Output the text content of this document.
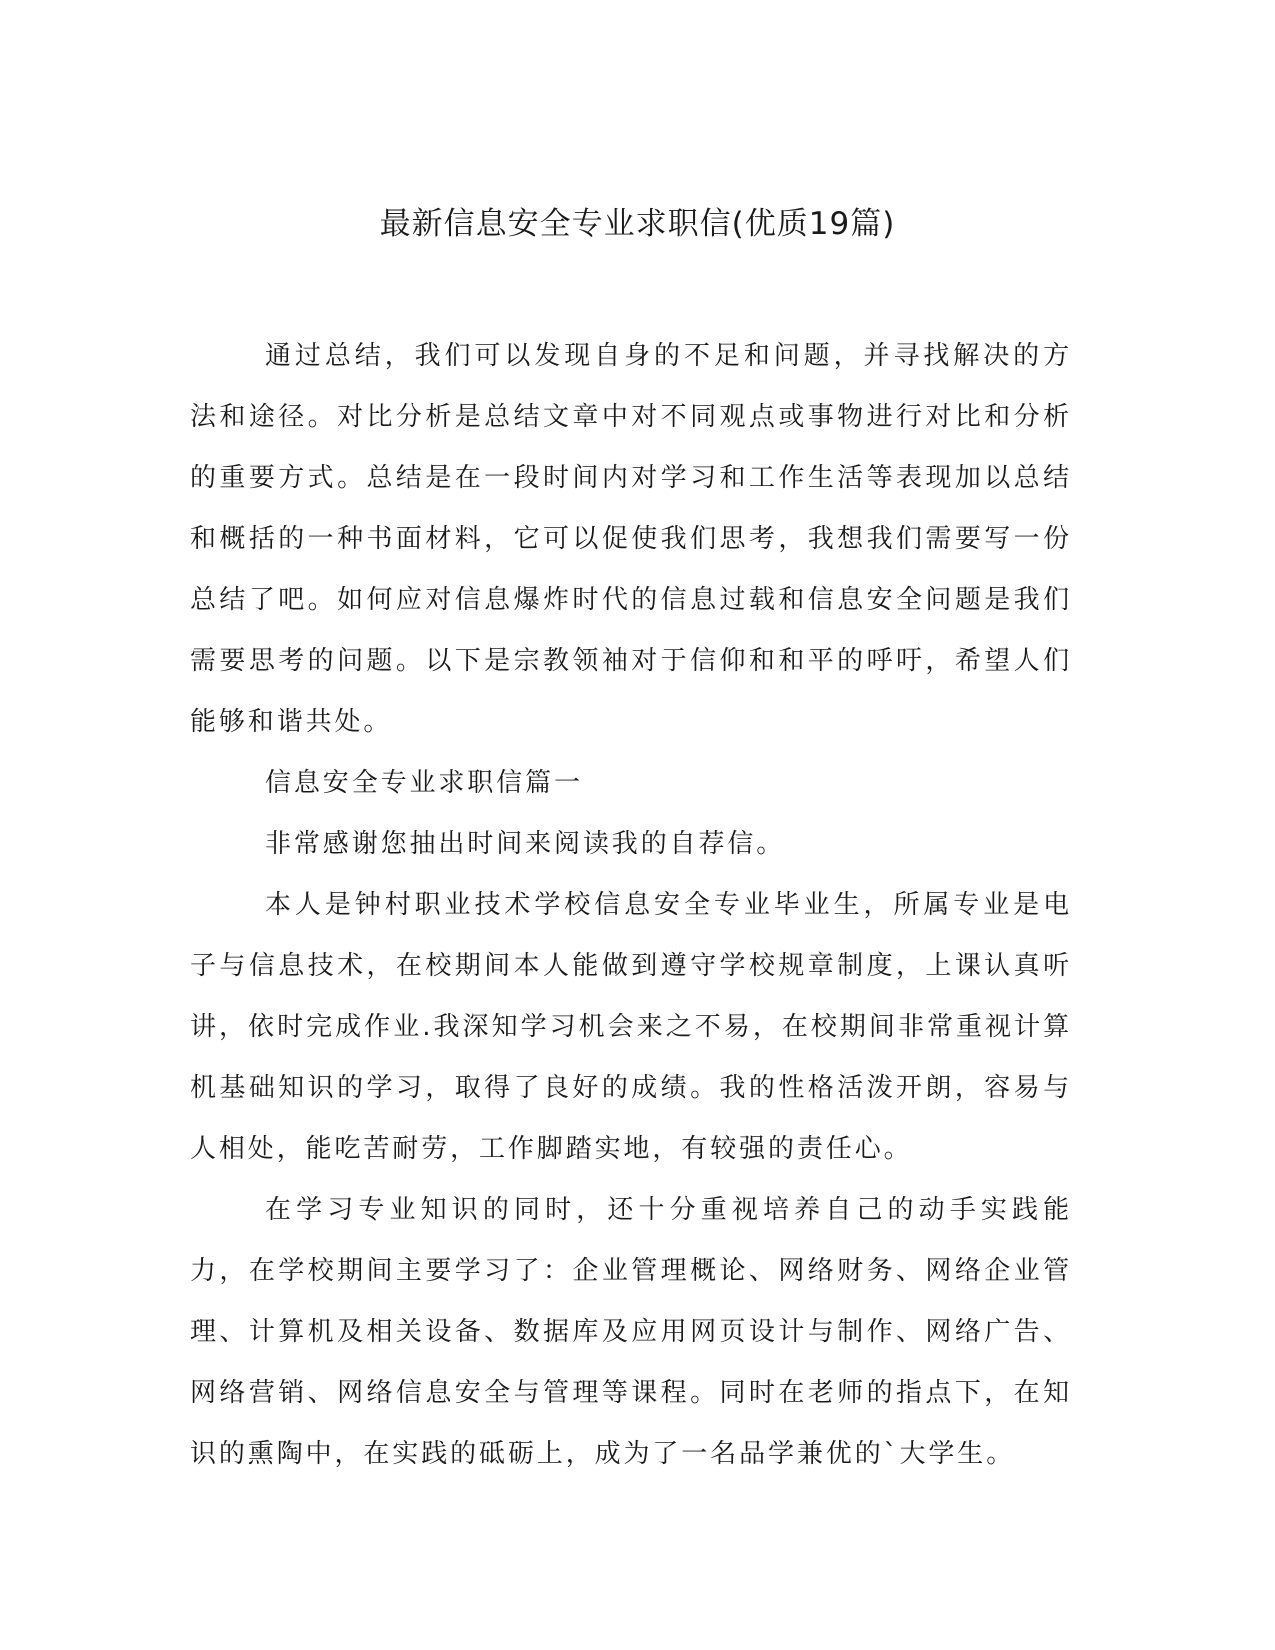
最新信息安全专业求职信(优质19篇)

通过总结，我们可以发现自身的不足和问题，并寻找解决的方法和途径。对比分析是总结文章中对不同观点或事物进行对比和分析的重要方式。总结是在一段时间内对学习和工作生活等表现加以总结和概括的一种书面材料，它可以促使我们思考，我想我们需要写一份总结了吧。如何应对信息爆炸时代的信息过载和信息安全问题是我们需要思考的问题。以下是宗教领袖对于信仰和和平的呼吁，希望人们能够和谐共处。

信息安全专业求职信篇一

非常感谢您抽出时间来阅读我的自荐信。

本人是钟村职业技术学校信息安全专业毕业生，所属专业是电子与信息技术，在校期间本人能做到遵守学校规章制度，上课认真听讲，依时完成作业.我深知学习机会来之不易，在校期间非常重视计算机基础知识的学习，取得了良好的成绩。我的性格活泼开朗，容易与人相处，能吃苦耐劳，工作脚踏实地，有较强的责任心。

在学习专业知识的同时，还十分重视培养自己的动手实践能力，在学校期间主要学习了：企业管理概论、网络财务、网络企业管理、计算机及相关设备、数据库及应用网页设计与制作、网络广告、网络营销、网络信息安全与管理等课程。同时在老师的指点下，在知识的熏陶中，在实践的砥砺上，成为了一名品学兼优的`大学生。
